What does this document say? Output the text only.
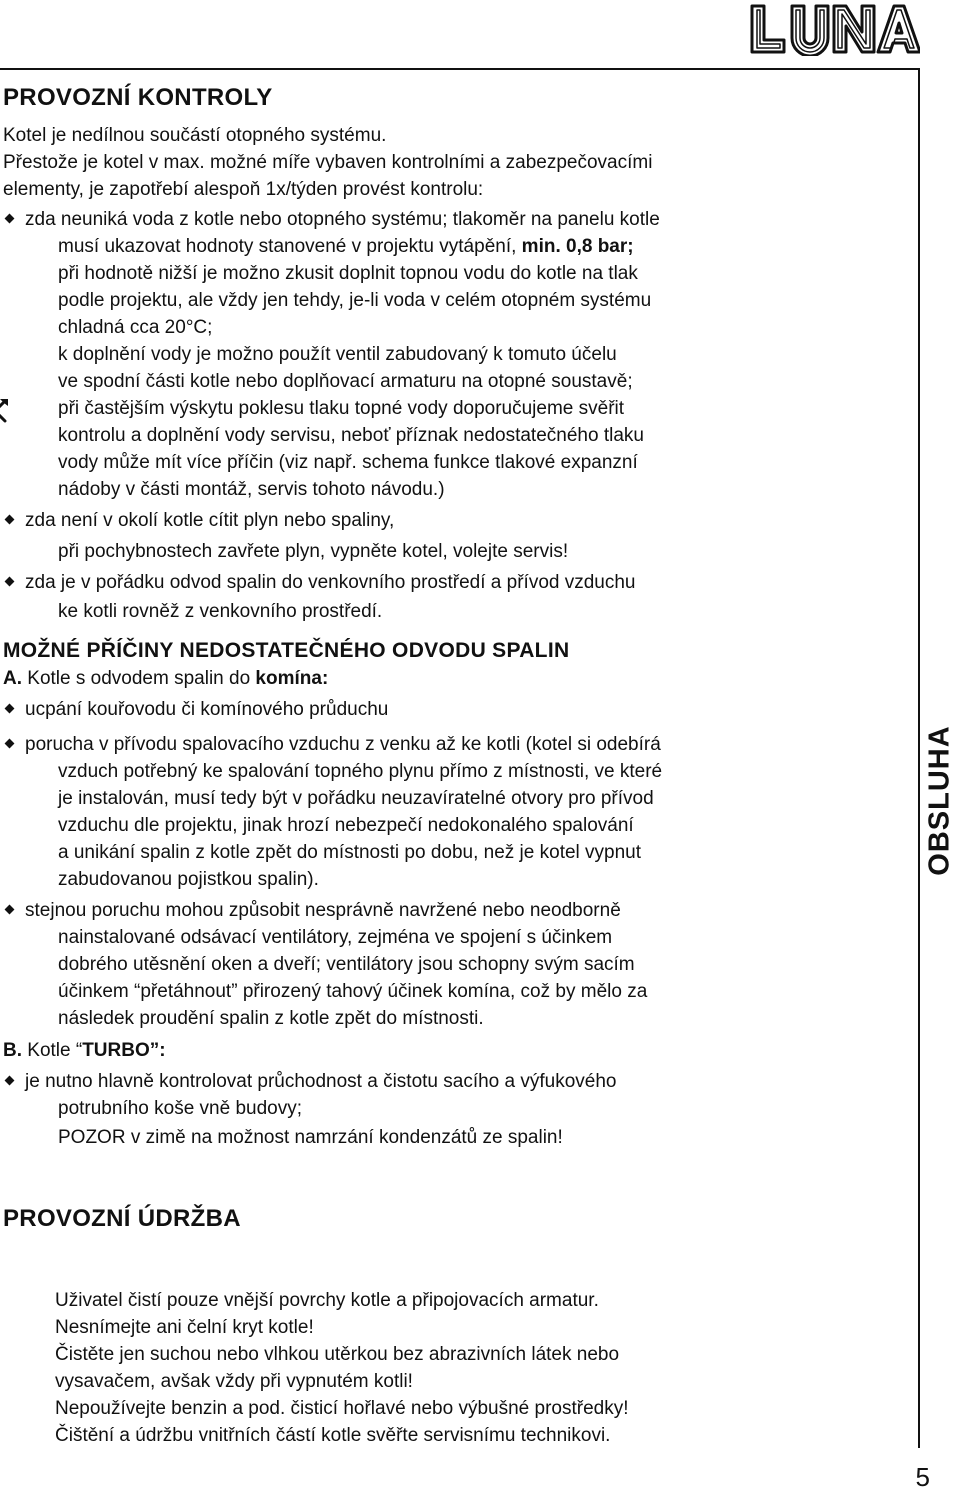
LUNA
OBSLUHA
PROVOZNÍ KONTROLY

Kotel je nedílnou součástí otopného systému.

Přestože je kotel v max. možné míře vybaven kontrolními a zabezpečovacími

elementy, je zapotřebí alespoň 1x/týden provést kontrolu:

zda neuniká voda z kotle nebo otopného systému; tlakoměr na panelu kotle

musí ukazovat hodnoty stanovené v projektu vytápění, min. 0,8 bar;

při hodnotě nižší je možno zkusit doplnit topnou vodu do kotle na tlak

podle projektu, ale vždy jen tehdy, je-li voda v celém otopném systému

chladná cca 20°C;

k doplnění vody je možno použít ventil zabudovaný k tomuto účelu

ve spodní části kotle nebo doplňovací armaturu na otopné soustavě;

při častějším výskytu poklesu tlaku topné vody doporučujeme svěřit

kontrolu a doplnění vody servisu, neboť příznak nedostatečného tlaku

vody může mít více příčin (viz např. schema funkce tlakové expanzní

nádoby v části montáž, servis tohoto návodu.)

zda není v okolí kotle cítit plyn nebo spaliny,

při pochybnostech zavřete plyn, vypněte kotel, volejte servis!

zda je v pořádku odvod spalin do venkovního prostředí a přívod vzduchu

ke kotli rovněž z venkovního prostředí.

MOŽNÉ PŘÍČINY NEDOSTATEČNÉHO ODVODU SPALIN

A. Kotle s odvodem spalin do komína:

ucpání kouřovodu či komínového průduchu

porucha v přívodu spalovacího vzduchu z venku až ke kotli (kotel si odebírá

vzduch potřebný ke spalování topného plynu přímo z místnosti, ve které

je instalován, musí tedy být v pořádku neuzavíratelné otvory pro přívod

vzduchu dle projektu, jinak hrozí nebezpečí nedokonalého spalování

a unikání spalin z kotle zpět do místnosti po dobu, než je kotel vypnut

zabudovanou pojistkou spalin).

stejnou poruchu mohou způsobit nesprávně navržené nebo neodborně

nainstalované odsávací ventilátory, zejména ve spojení s účinkem

dobrého utěsnění oken a dveří; ventilátory jsou schopny svým sacím

účinkem “přetáhnout” přirozený tahový účinek komína, což by mělo za

následek proudění spalin z kotle zpět do místnosti.

B. Kotle “TURBO”:

je nutno hlavně kontrolovat průchodnost a čistotu sacího a výfukového

potrubního koše vně budovy;

POZOR v zimě na možnost namrzání kondenzátů ze spalin!

PROVOZNÍ ÚDRŽBA

Uživatel čistí pouze vnější povrchy kotle a připojovacích armatur.

Nesnímejte ani čelní kryt kotle!

Čistěte jen suchou nebo vlhkou utěrkou bez abrazivních látek nebo

vysavačem, avšak vždy při vypnutém kotli!

Nepoužívejte benzin a pod. čisticí hořlavé nebo výbušné prostředky!

Čištění a údržbu vnitřních částí kotle svěřte servisnímu technikovi.

5
